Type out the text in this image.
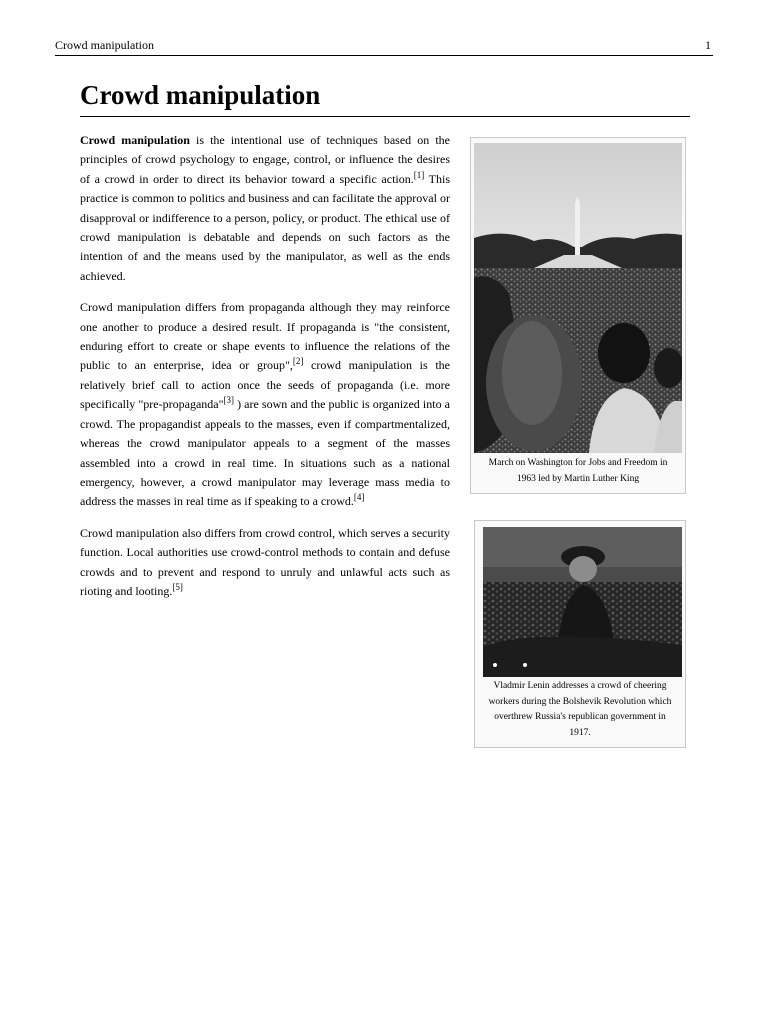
Crowd manipulation	1
Crowd manipulation

Crowd manipulation is the intentional use of techniques based on the principles of crowd psychology to engage, control, or influence the desires of a crowd in order to direct its behavior toward a specific action.[1] This practice is common to politics and business and can facilitate the approval or disapproval or indifference to a person, policy, or product. The ethical use of crowd manipulation is debatable and depends on such factors as the intention of and the means used by the manipulator, as well as the ends achieved.

Crowd manipulation differs from propaganda although they may reinforce one another to produce a desired result. If propaganda is "the consistent, enduring effort to create or shape events to influence the relations of the public to an enterprise, idea or group",[2] crowd manipulation is the relatively brief call to action once the seeds of propaganda (i.e. more specifically "pre-propaganda"[3] ) are sown and the public is organized into a crowd. The propagandist appeals to the masses, even if compartmentalized, whereas the crowd manipulator appeals to a segment of the masses assembled into a crowd in real time. In situations such as a national emergency, however, a crowd manipulator may leverage mass media to address the masses in real time as if speaking to a crowd.[4]

Crowd manipulation also differs from crowd control, which serves a security function. Local authorities use crowd-control methods to contain and defuse crowds and to prevent and respond to unruly and unlawful acts such as rioting and looting.[5]

March on Washington for Jobs and Freedom in 1963 led by Martin Luther King
Vladmir Lenin addresses a crowd of cheering workers during the Bolshevik Revolution which overthrew Russia's republican government in 1917.
